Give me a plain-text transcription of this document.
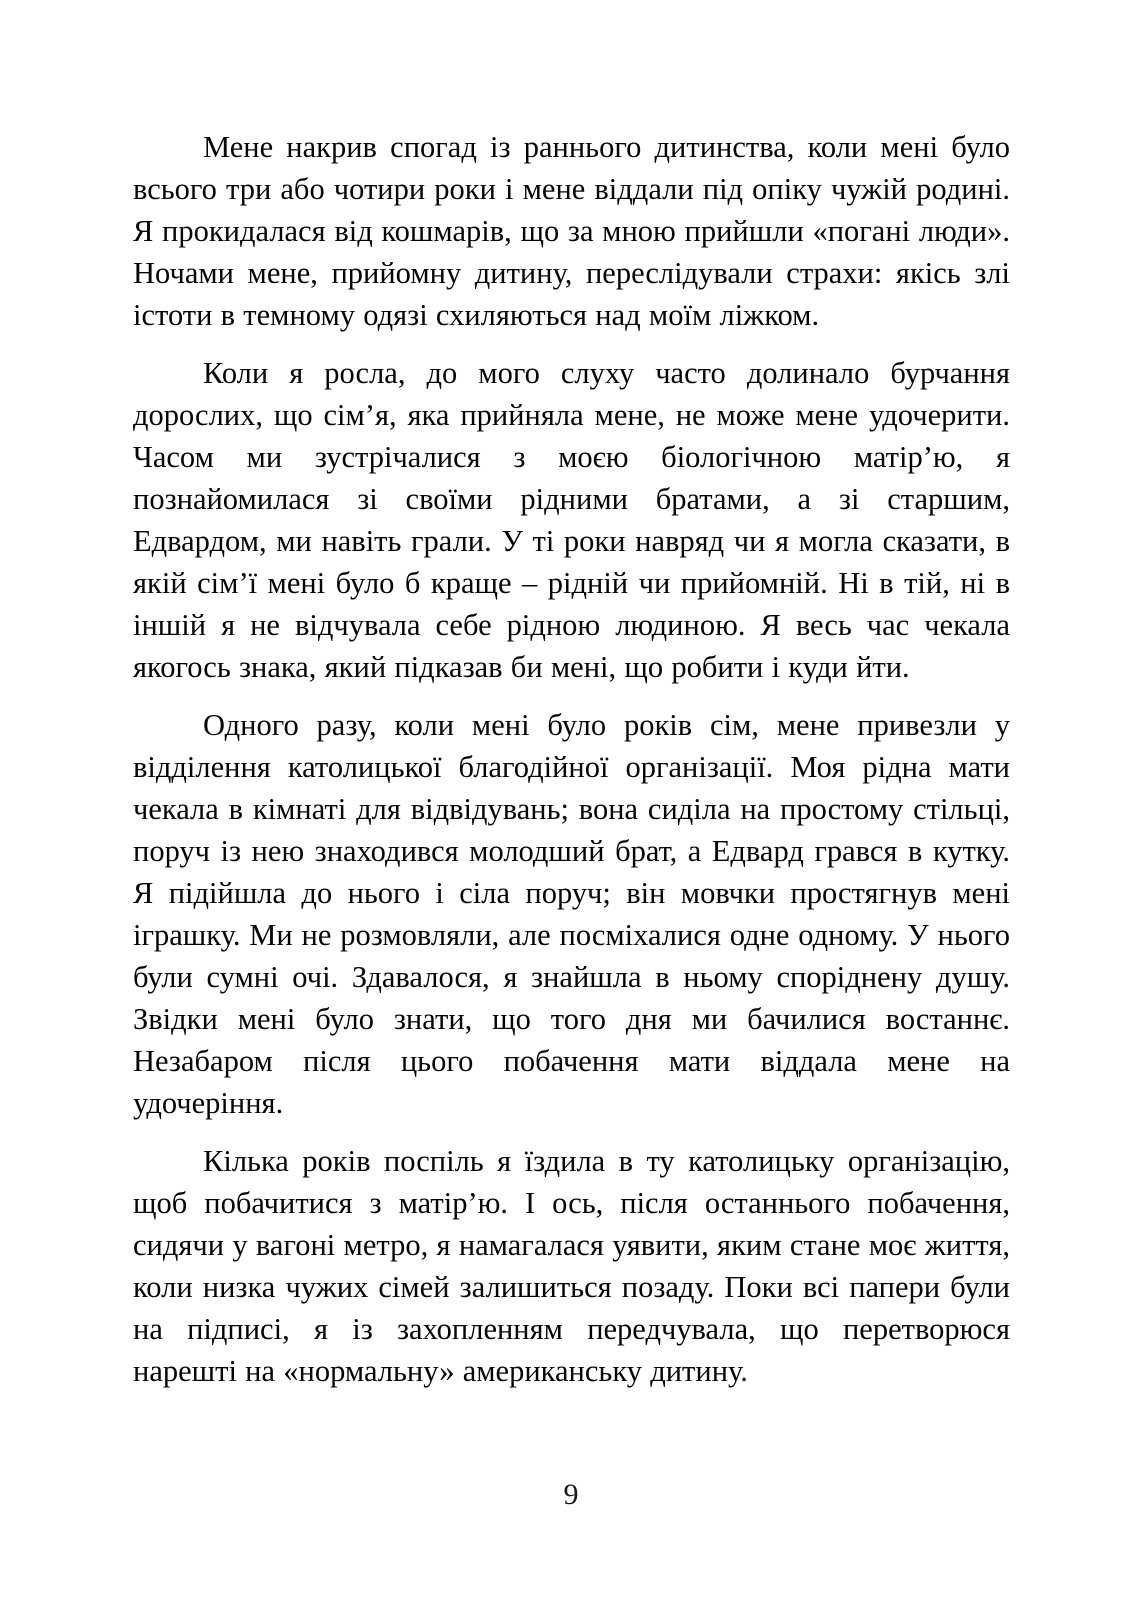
Мене накрив спогад із раннього дитинства, коли мені було всього три або чотири роки і мене віддали під опіку чужій родині. Я прокидалася від кошмарів, що за мною прийшли «погані люди». Ночами мене, прийомну дитину, переслідували страхи: якісь злі істоти в темному одязі схиляються над моїм ліжком.

Коли я росла, до мого слуху часто долинало бурчання дорослих, що сім’я, яка прийняла мене, не може мене удочерити. Часом ми зустрічалися з моєю біологічною матір’ю, я познайомилася зі своїми рідними братами, а зі старшим, Едвардом, ми навіть грали. У ті роки навряд чи я могла сказати, в якій сім’ї мені було б краще – рідній чи прийомній. Ні в тій, ні в іншій я не відчувала себе рідною людиною. Я весь час чекала якогось знака, який підказав би мені, що робити і куди йти.

Одного разу, коли мені було років сім, мене привезли у відділення католицької благодійної організації. Моя рідна мати чекала в кімнаті для відвідувань; вона сиділа на простому стільці, поруч із нею знаходився молодший брат, а Едвард грався в кутку. Я підійшла до нього і сіла поруч; він мовчки простягнув мені іграшку. Ми не розмовляли, але посміхалися одне одному. У нього були сумні очі. Здавалося, я знайшла в ньому споріднену душу. Звідки мені було знати, що того дня ми бачилися востаннє. Незабаром після цього побачення мати віддала мене на удочеріння.

Кілька років поспіль я їздила в ту католицьку організацію, щоб побачитися з матір’ю. І ось, після останнього побачення, сидячи у вагоні метро, я намагалася уявити, яким стане моє життя, коли низка чужих сімей залишиться позаду. Поки всі папери були на підписі, я із захопленням передчувала, що перетворюся нарешті на «нормальну» американську дитину.

9
